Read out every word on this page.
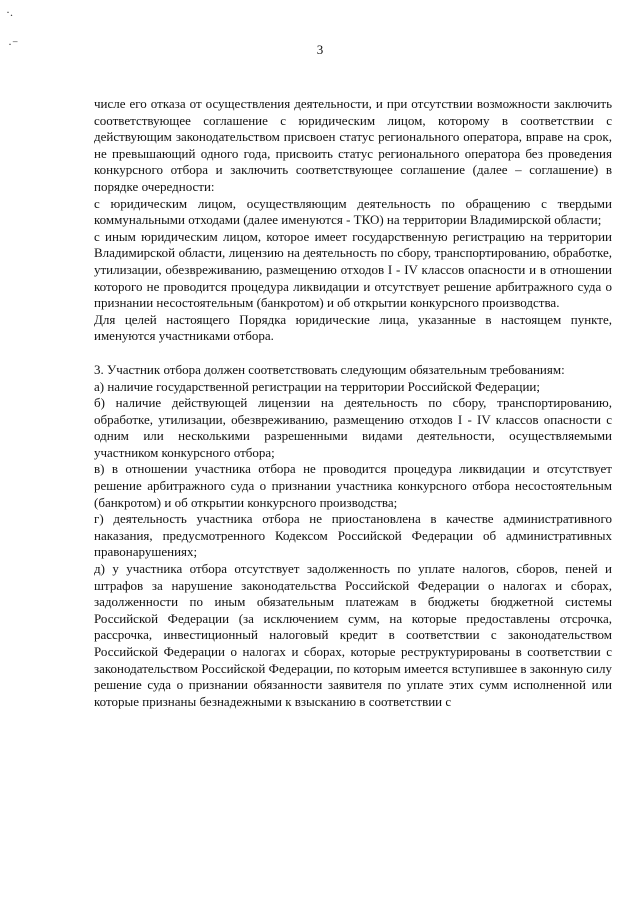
·.
·⁻	3

числе его отказа от осуществления деятельности, и при отсутствии возможности заключить соответствующее соглашение с юридическим лицом, которому в соответствии с действующим законодательством присвоен статус регионального оператора, вправе на срок, не превышающий одного года, присвоить статус регионального оператора без проведения конкурсного отбора и заключить соответствующее соглашение (далее – соглашение) в порядке очередности:

с юридическим лицом, осуществляющим деятельность по обращению с твердыми коммунальными отходами (далее именуются - ТКО) на территории Владимирской области;

с иным юридическим лицом, которое имеет государственную регистрацию на территории Владимирской области, лицензию на деятельность по сбору, транспортированию, обработке, утилизации, обезвреживанию, размещению отходов I - IV классов опасности и в отношении которого не проводится процедура ликвидации и отсутствует решение арбитражного суда о признании несостоятельным (банкротом) и об открытии конкурсного производства.

Для целей настоящего Порядка юридические лица, указанные в настоящем пункте, именуются участниками отбора.

3. Участник отбора должен соответствовать следующим обязательным требованиям:

а) наличие государственной регистрации на территории Российской Федерации;

б) наличие действующей лицензии на деятельность по сбору, транспортированию, обработке, утилизации, обезвреживанию, размещению отходов I - IV классов опасности с одним или несколькими разрешенными видами деятельности, осуществляемыми участником конкурсного отбора;

в) в отношении участника отбора не проводится процедура ликвидации и отсутствует решение арбитражного суда о признании участника конкурсного отбора несостоятельным (банкротом) и об открытии конкурсного производства;

г) деятельность участника отбора не приостановлена в качестве административного наказания, предусмотренного Кодексом Российской Федерации об административных правонарушениях;

д) у участника отбора отсутствует задолженность по уплате налогов, сборов, пеней и штрафов за нарушение законодательства Российской Федерации о налогах и сборах, задолженности по иным обязательным платежам в бюджеты бюджетной системы Российской Федерации (за исключением сумм, на которые предоставлены отсрочка, рассрочка, инвестиционный налоговый кредит в соответствии с законодательством Российской Федерации о налогах и сборах, которые реструктурированы в соответствии с законодательством Российской Федерации, по которым имеется вступившее в законную силу решение суда о признании обязанности заявителя по уплате этих сумм исполненной или которые признаны безнадежными к взысканию в соответствии с
